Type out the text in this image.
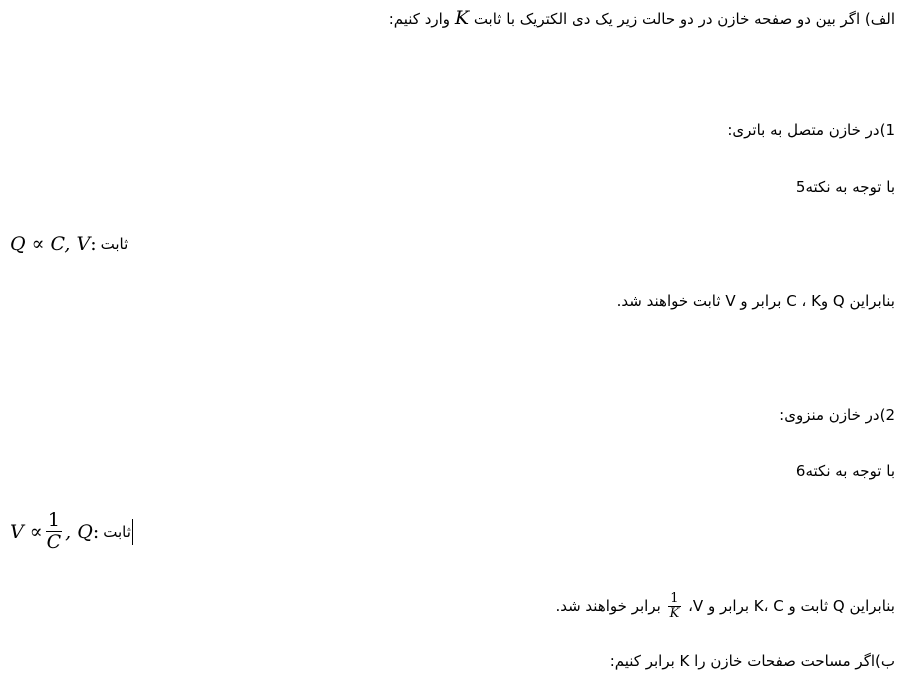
الف) اگر بین دو صفحه خازن در دو حالت زیر یک دی الکتریک با ثابت K وارد کنیم:
1)در خازن متصل به باتری:
با توجه به نکته5
Q ∝ C, V : ثابت
بنابراین Q وC ، K برابر و V ثابت خواهند شد.
2)در خازن منزوی:
با توجه به نکته6
$V \propto \frac{1}{C}$ , Q : ثابت
بنابراین Q ثابت و K، C برابر و V،
$\frac{1}{K}$
برابر خواهند شد.
ب)اگر مساحت صفحات خازن را K برابر کنیم:
